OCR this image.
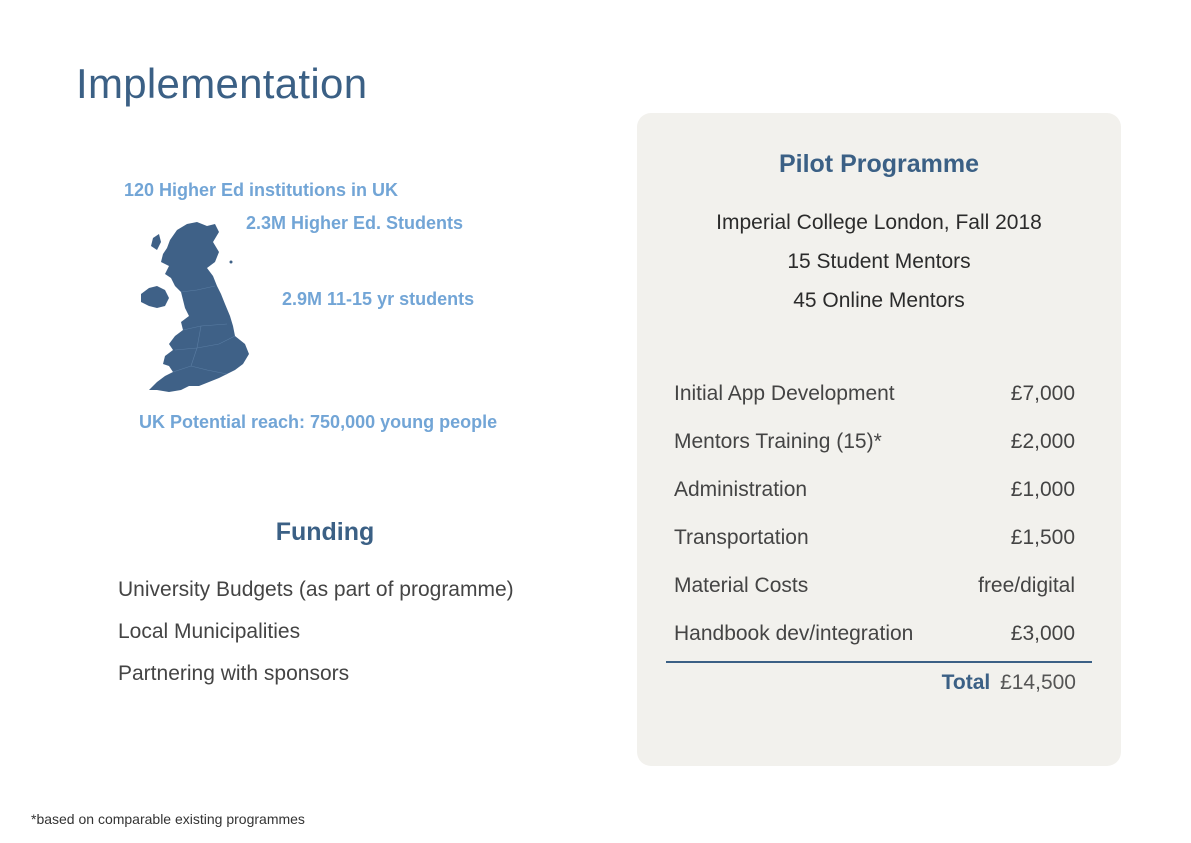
Implementation
120 Higher Ed institutions in UK
2.3M Higher Ed. Students
2.9M 11-15 yr students
UK Potential reach: 750,000 young people
Funding
University Budgets (as part of programme)
Local Municipalities
Partnering with sponsors
Pilot Programme
Imperial College London, Fall 2018
15 Student Mentors
45 Online Mentors
Initial App Development	£7,000
Mentors Training (15)*	£2,000
Administration	£1,000
Transportation	£1,500
Material Costs	free/digital
Handbook dev/integration	£3,000
Total £14,500
*based on comparable existing programmes
